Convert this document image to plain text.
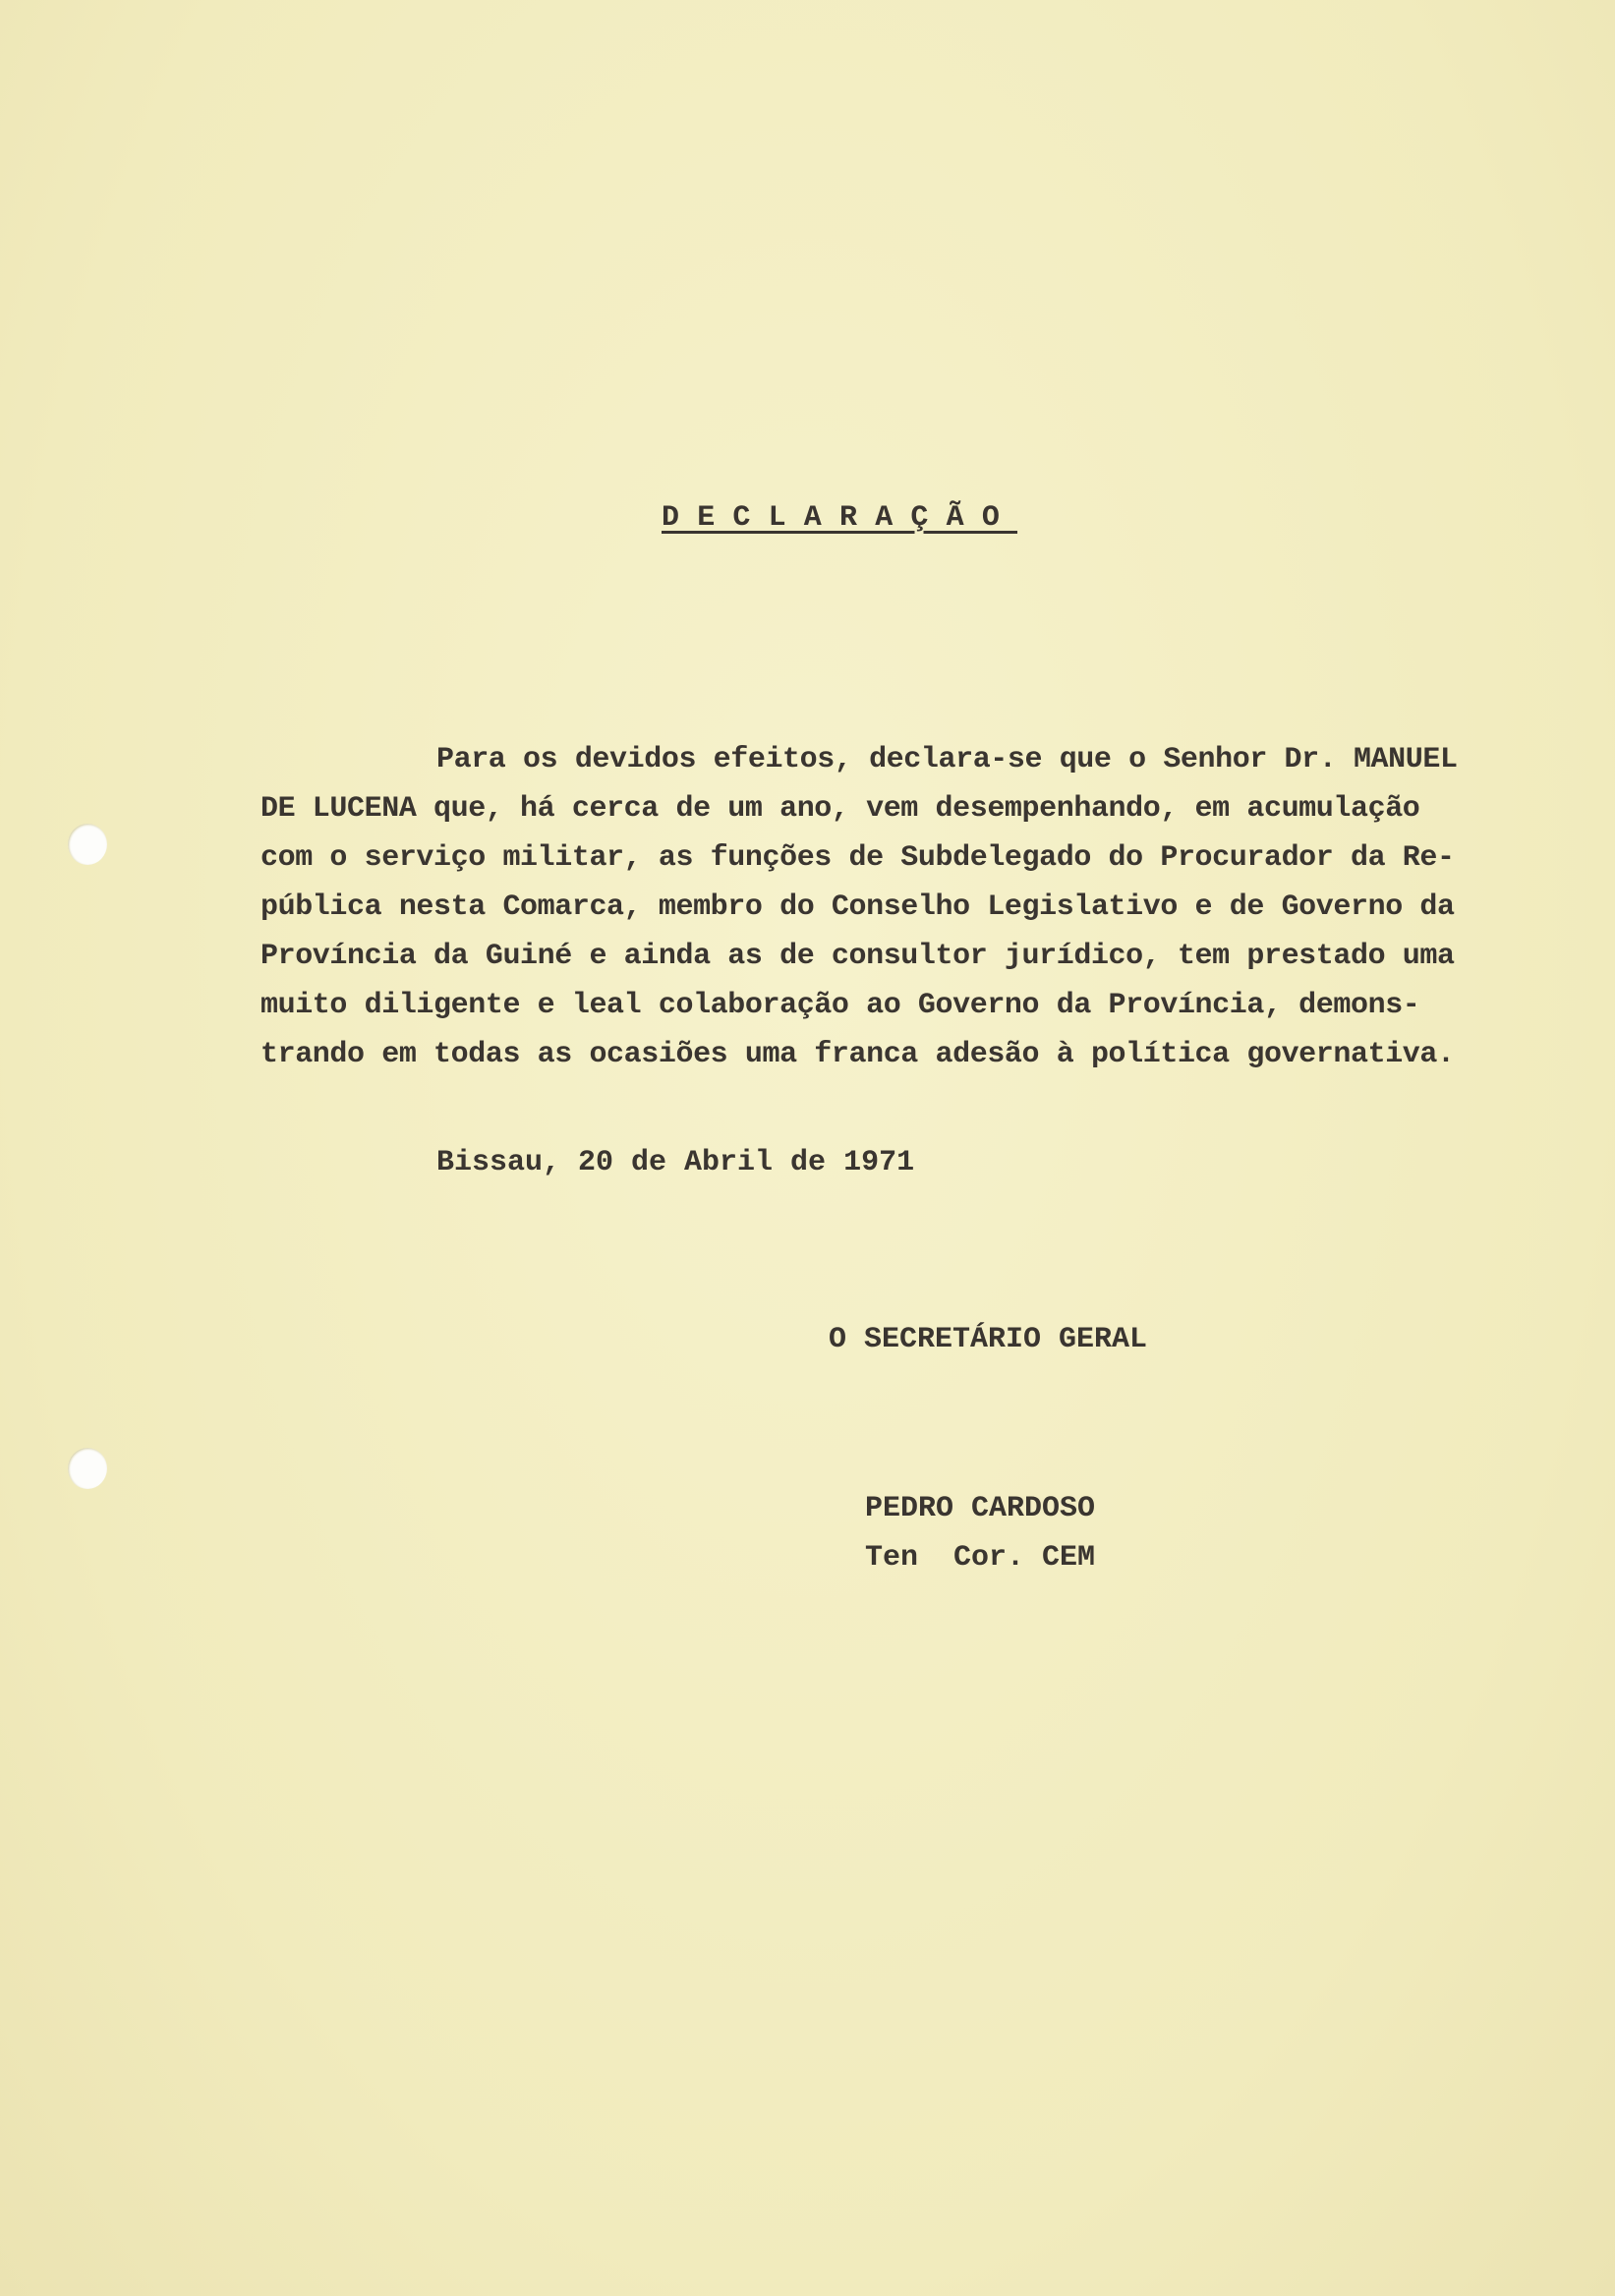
DECLARAÇÃO
Para os devidos efeitos, declara-se que o Senhor Dr. MANUEL
DE LUCENA que, há cerca de um ano, vem desempenhando, em acumulação
com o serviço militar, as funções de Subdelegado do Procurador da Re-
pública nesta Comarca, membro do Conselho Legislativo e de Governo da
Província da Guiné e ainda as de consultor jurídico, tem prestado uma
muito diligente e leal colaboração ao Governo da Província, demons-
trando em todas as ocasiões uma franca adesão à política governativa.
Bissau, 20 de Abril de 1971
O SECRETÁRIO GERAL
PEDRO CARDOSO
Ten  Cor. CEM
